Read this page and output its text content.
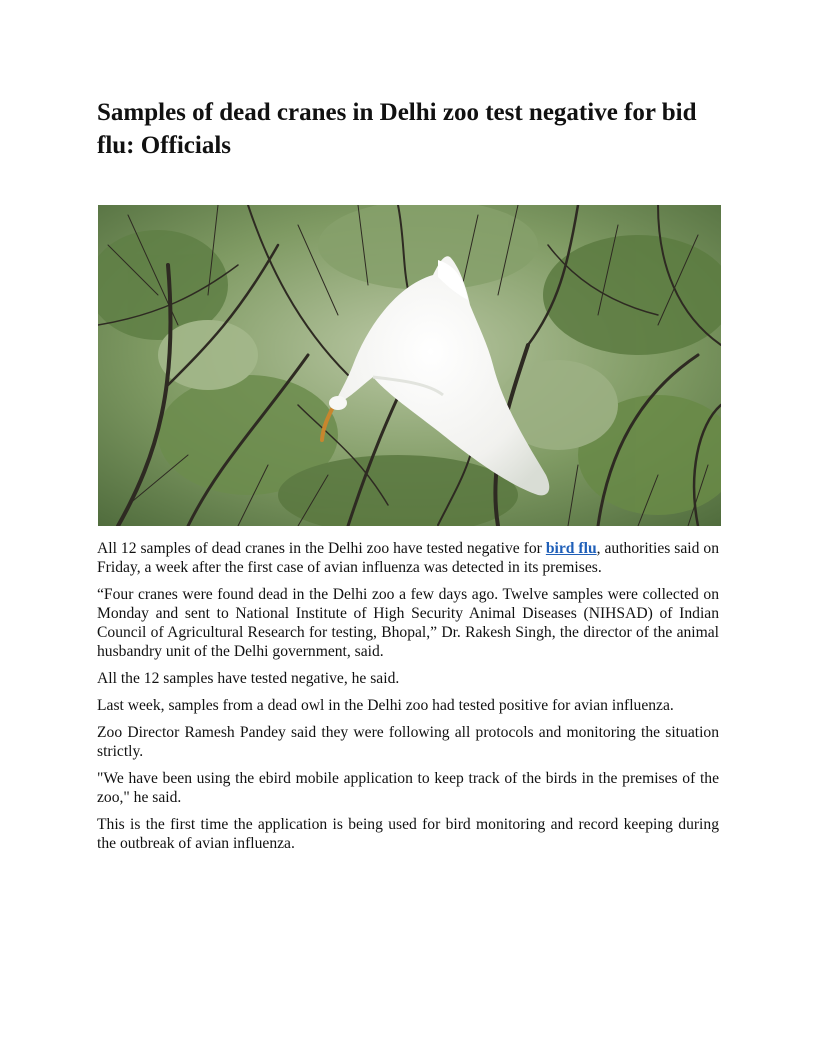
Samples of dead cranes in Delhi zoo test negative for bid flu: Officials

All 12 samples of dead cranes in the Delhi zoo have tested negative for bird flu, authorities said on Friday, a week after the first case of avian influenza was detected in its premises.

“Four cranes were found dead in the Delhi zoo a few days ago. Twelve samples were collected on Monday and sent to National Institute of High Security Animal Diseases (NIHSAD) of Indian Council of Agricultural Research for testing, Bhopal,” Dr. Rakesh Singh, the director of the animal husbandry unit of the Delhi government, said.

All the 12 samples have tested negative, he said.

Last week, samples from a dead owl in the Delhi zoo had tested positive for avian influenza.

Zoo Director Ramesh Pandey said they were following all protocols and monitoring the situation strictly.

"We have been using the ebird mobile application to keep track of the birds in the premises of the zoo," he said.

This is the first time the application is being used for bird monitoring and record keeping during the outbreak of avian influenza.
